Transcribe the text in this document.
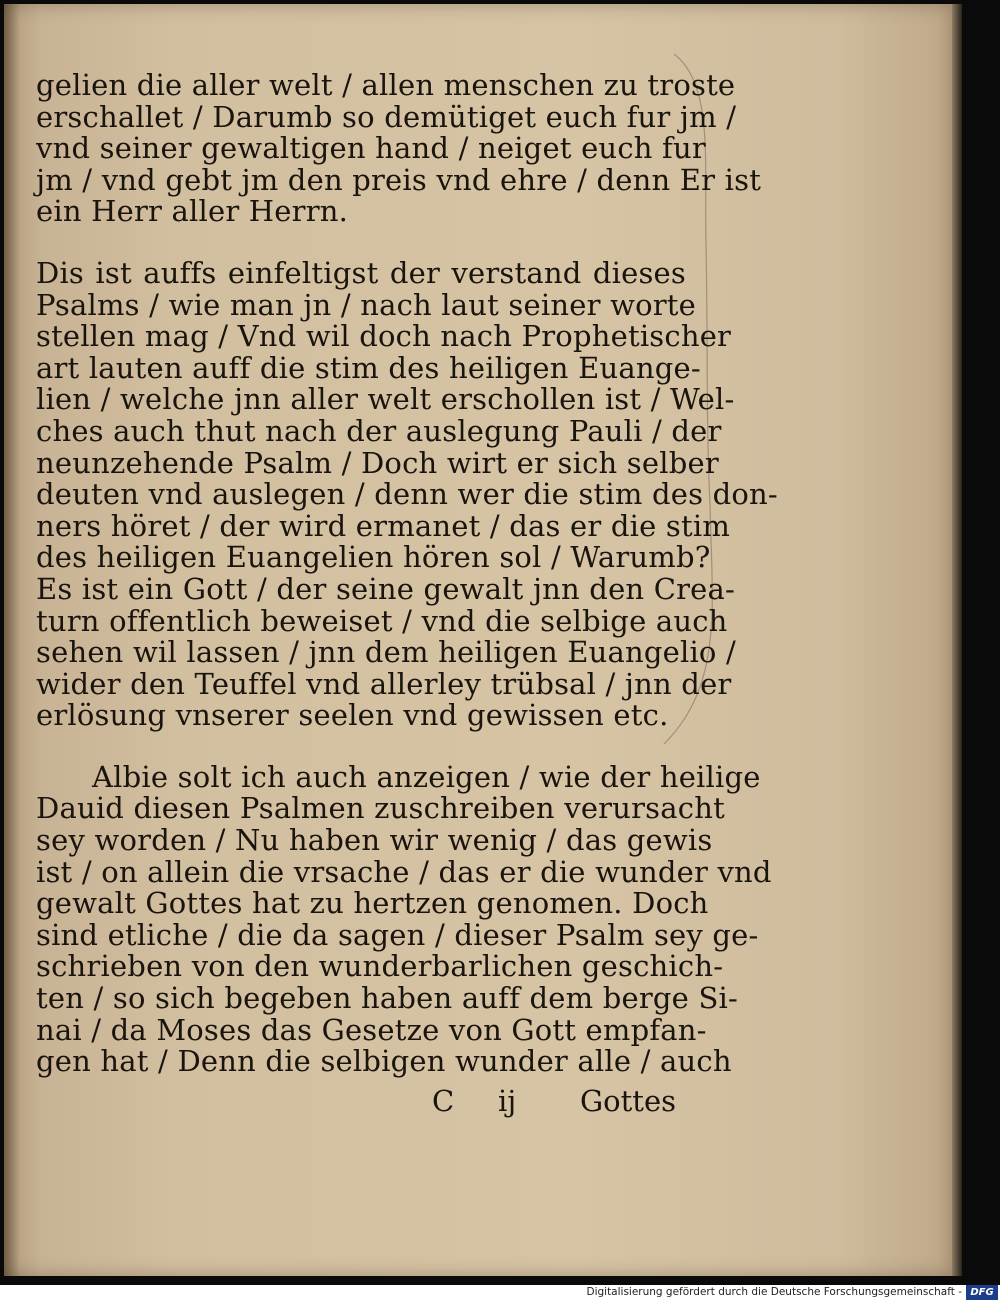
gelien die aller welt / allen menschen zu troste
erschallet / Darumb so demütiget euch fur jm /
vnd seiner gewaltigen hand / neiget euch fur
jm / vnd gebt jm den preis vnd ehre / denn Er ist
ein Herr aller Herrn.
Dis ist auffs einfeltigst der verstand dieses
Psalms / wie man jn / nach laut seiner worte
stellen mag / Vnd wil doch nach Prophetischer
art lauten auff die stim des heiligen Euange-
lien / welche jnn aller welt erschollen ist / Wel-
ches auch thut nach der auslegung Pauli / der
neunzehende Psalm / Doch wirt er sich selber
deuten vnd auslegen / denn wer die stim des don-
ners höret / der wird ermanet / das er die stim
des heiligen Euangelien hören sol / Warumb?
Es ist ein Gott / der seine gewalt jnn den Crea-
turn offentlich beweiset / vnd die selbige auch
sehen wil lassen / jnn dem heiligen Euangelio /
wider den Teuffel vnd allerley trübsal / jnn der
erlösung vnserer seelen vnd gewissen etc.
Albie solt ich auch anzeigen / wie der heilige
Dauid diesen Psalmen zuschreiben verursacht
sey worden / Nu haben wir wenig / das gewis
ist / on allein die vrsache / das er die wunder vnd
gewalt Gottes hat zu hertzen genomen. Doch
sind etliche / die da sagen / dieser Psalm sey ge-
schrieben von den wunderbarlichen geschich-
ten / so sich begeben haben auff dem berge Si-
nai / da Moses das Gesetze von Gott empfan-
gen hat / Denn die selbigen wunder alle / auch
C ij Gottes
Digitalisierung gefördert durch die Deutsche Forschungsgemeinschaft - DFG
